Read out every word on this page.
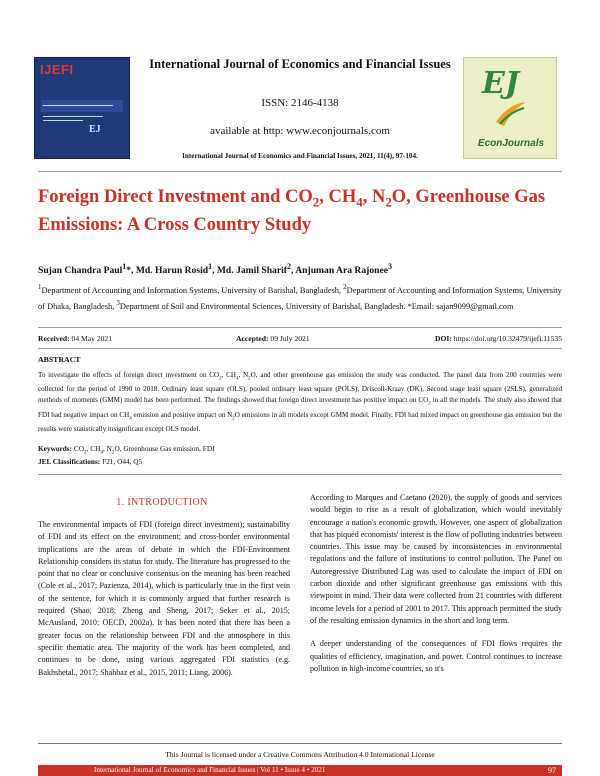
IJEFI
EJ
International Journal of Economics and Financial Issues
ISSN: 2146-4138
available at http: www.econjournals.com
International Journal of Economics and Financial Issues, 2021, 11(4), 97-104.
EJ
EconJournals
Foreign Direct Investment and $CO_2$, $CH_4$, $N_2O$, Greenhouse Gas Emissions: A Cross Country Study
Sujan Chandra Paul$^1$*, Md. Harun Rosid$^1$, Md. Jamil Sharif$^2$, Anjuman Ara Rajonee$^3$
$^1$Department of Accounting and Information Systems, University of Barishal, Bangladesh, $^2$Department of Accounting and Information Systems, University of Dhaka, Bangladesh, $^3$Department of Soil and Environmental Sciences, University of Barishal, Bangladesh. *Email: sajan9099@gmail.com
Received: 04 May 2021	Accepted: 09 July 2021	DOI: https://doi.org/10.32479/ijefi.11535
ABSTRACT
To investigate the effects of foreign direct investment on $CO_2$, $CH_4$, $N_2O$, and other greenhouse gas emission the study was conducted. The panel data from 200 countries were collected for the period of 1990 to 2018. Ordinary least square (OLS), pooled ordinary least square (POLS), Driscoll-Kraay (DK), Second stage least square (2SLS), generalized methods of moments (GMM) model has been performed. The findings showed that foreign direct investment has positive impact on $CO_2$ in all the models. The study also showed that FDI had negative impact on $CH_4$ emission and positive impact on $N_2O$ emissions in all models except GMM model. Finally, FDI had mixed impact on greenhouse gas emission but the results were statistically insignificant except OLS model.
Keywords: $CO_2$, $CH_4$, $N_2O$, Greenhouse Gas emission, FDI
JEL Classifications: F21, O44, Q5
1. INTRODUCTION

The environmental impacts of FDI (foreign direct investment); sustainability of FDI and its effect on the environment; and cross-border environmental implications are the areas of debate in which the FDI-Environment Relationship considers its status for study. The literature has progressed to the point that no clear or conclusive consensus on the meaning has been reached (Cole et al., 2017; Pazienza, 2014), which is particularly true in the first vein of the sentence, for which it is commonly argued that further research is required (Shao, 2018; Zheng and Sheng, 2017; Seker et al., 2015; McAusland, 2010; OECD, 2002a). It has been noted that there has been a greater focus on the relationship between FDI and the atmosphere in this specific thematic area. The majority of the work has been completed, and continues to be done, using various aggregated FDI statistics (e.g. Bakhshetal., 2017; Shahbaz et al., 2015, 2011; Liang, 2006).

According to Marques and Caetano (2020), the supply of goods and services would begin to rise as a result of globalization, which would inevitably encourage a nation's economic growth. However, one aspect of globalization that has piqued economists' interest is the flow of polluting industries between countries. This issue may be caused by inconsistencies in environmental regulations and the failure of institutions to control pollution. The Panel on Autoregressive Distributed Lag was used to calculate the impact of FDI on carbon dioxide and other significant greenhouse gas emissions with this viewpoint in mind. Their data were collected from 21 countries with different income levels for a period of 2001 to 2017. This approach permitted the study of the resulting emission dynamics in the short and long term.

A deeper understanding of the consequences of FDI flows requires the qualities of efficiency, imagination, and power. Control continues to increase pollution in high-income countries, so it's

This Journal is licensed under a Creative Commons Attribution 4.0 International License
International Journal of Economics and Financial Issues | Vol 11 • Issue 4 • 2021	97
